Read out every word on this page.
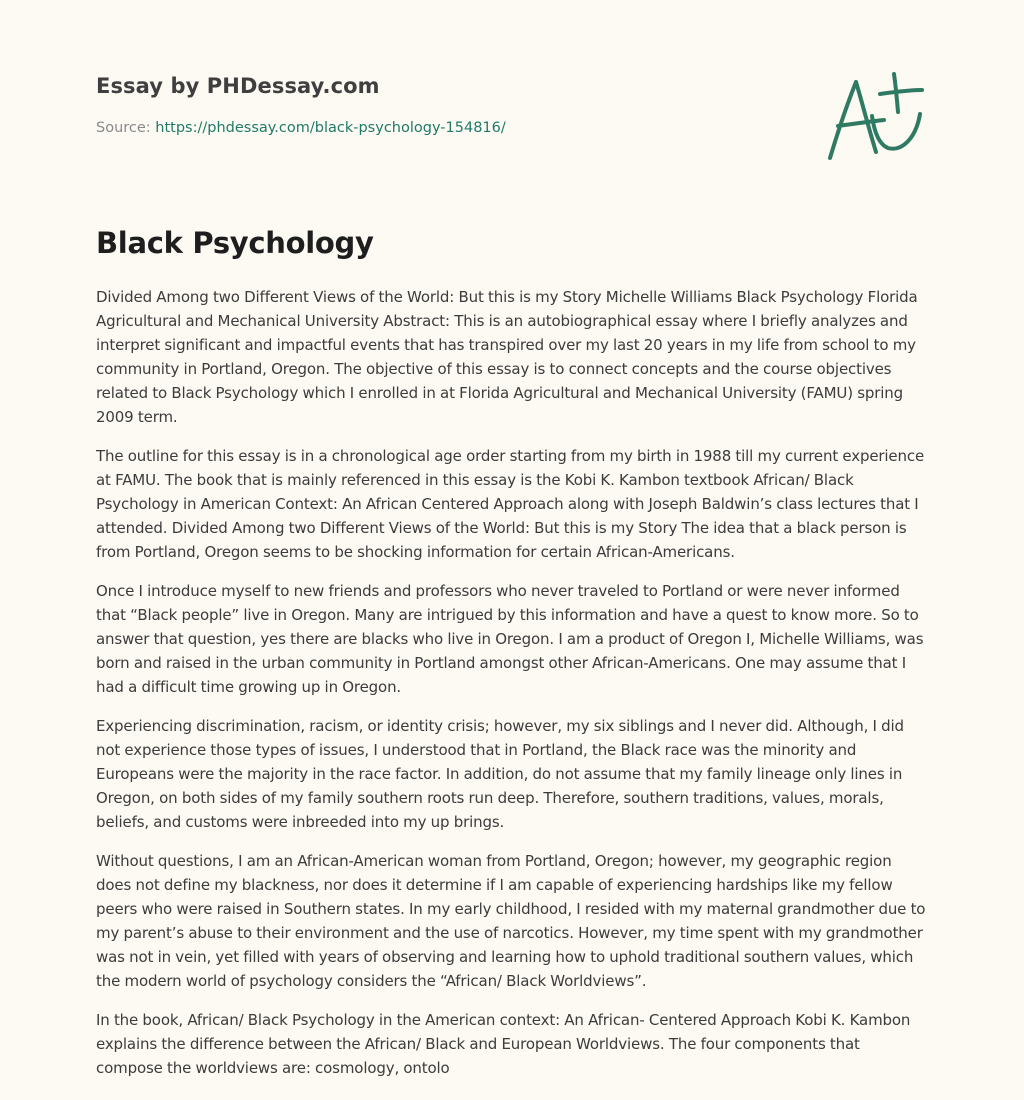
Essay by PHDessay.com
Source: https://phdessay.com/black-psychology-154816/
Black Psychology

Divided Among two Different Views of the World: But this is my Story Michelle Williams Black Psychology Florida Agricultural and Mechanical University Abstract: This is an autobiographical essay where I briefly analyzes and interpret significant and impactful events that has transpired over my last 20 years in my life from school to my community in Portland, Oregon. The objective of this essay is to connect concepts and the course objectives related to Black Psychology which I enrolled in at Florida Agricultural and Mechanical University (FAMU) spring 2009 term.

The outline for this essay is in a chronological age order starting from my birth in 1988 till my current experience at FAMU. The book that is mainly referenced in this essay is the Kobi K. Kambon textbook African/ Black Psychology in American Context: An African Centered Approach along with Joseph Baldwin’s class lectures that I attended. Divided Among two Different Views of the World: But this is my Story The idea that a black person is from Portland, Oregon seems to be shocking information for certain African-Americans.

Once I introduce myself to new friends and professors who never traveled to Portland or were never informed that “Black people” live in Oregon. Many are intrigued by this information and have a quest to know more. So to answer that question, yes there are blacks who live in Oregon. I am a product of Oregon I, Michelle Williams, was born and raised in the urban community in Portland amongst other African-Americans. One may assume that I had a difficult time growing up in Oregon.

Experiencing discrimination, racism, or identity crisis; however, my six siblings and I never did. Although, I did not experience those types of issues, I understood that in Portland, the Black race was the minority and Europeans were the majority in the race factor. In addition, do not assume that my family lineage only lines in Oregon, on both sides of my family southern roots run deep. Therefore, southern traditions, values, morals, beliefs, and customs were inbreeded into my up brings.

Without questions, I am an African-American woman from Portland, Oregon; however, my geographic region does not define my blackness, nor does it determine if I am capable of experiencing hardships like my fellow peers who were raised in Southern states. In my early childhood, I resided with my maternal grandmother due to my parent’s abuse to their environment and the use of narcotics. However, my time spent with my grandmother was not in vein, yet filled with years of observing and learning how to uphold traditional southern values, which the modern world of psychology considers the “African/ Black Worldviews”.

In the book, African/ Black Psychology in the American context: An African- Centered Approach Kobi K. Kambon explains the difference between the African/ Black and European Worldviews. The four components that compose the worldviews are: cosmology, ontolo
